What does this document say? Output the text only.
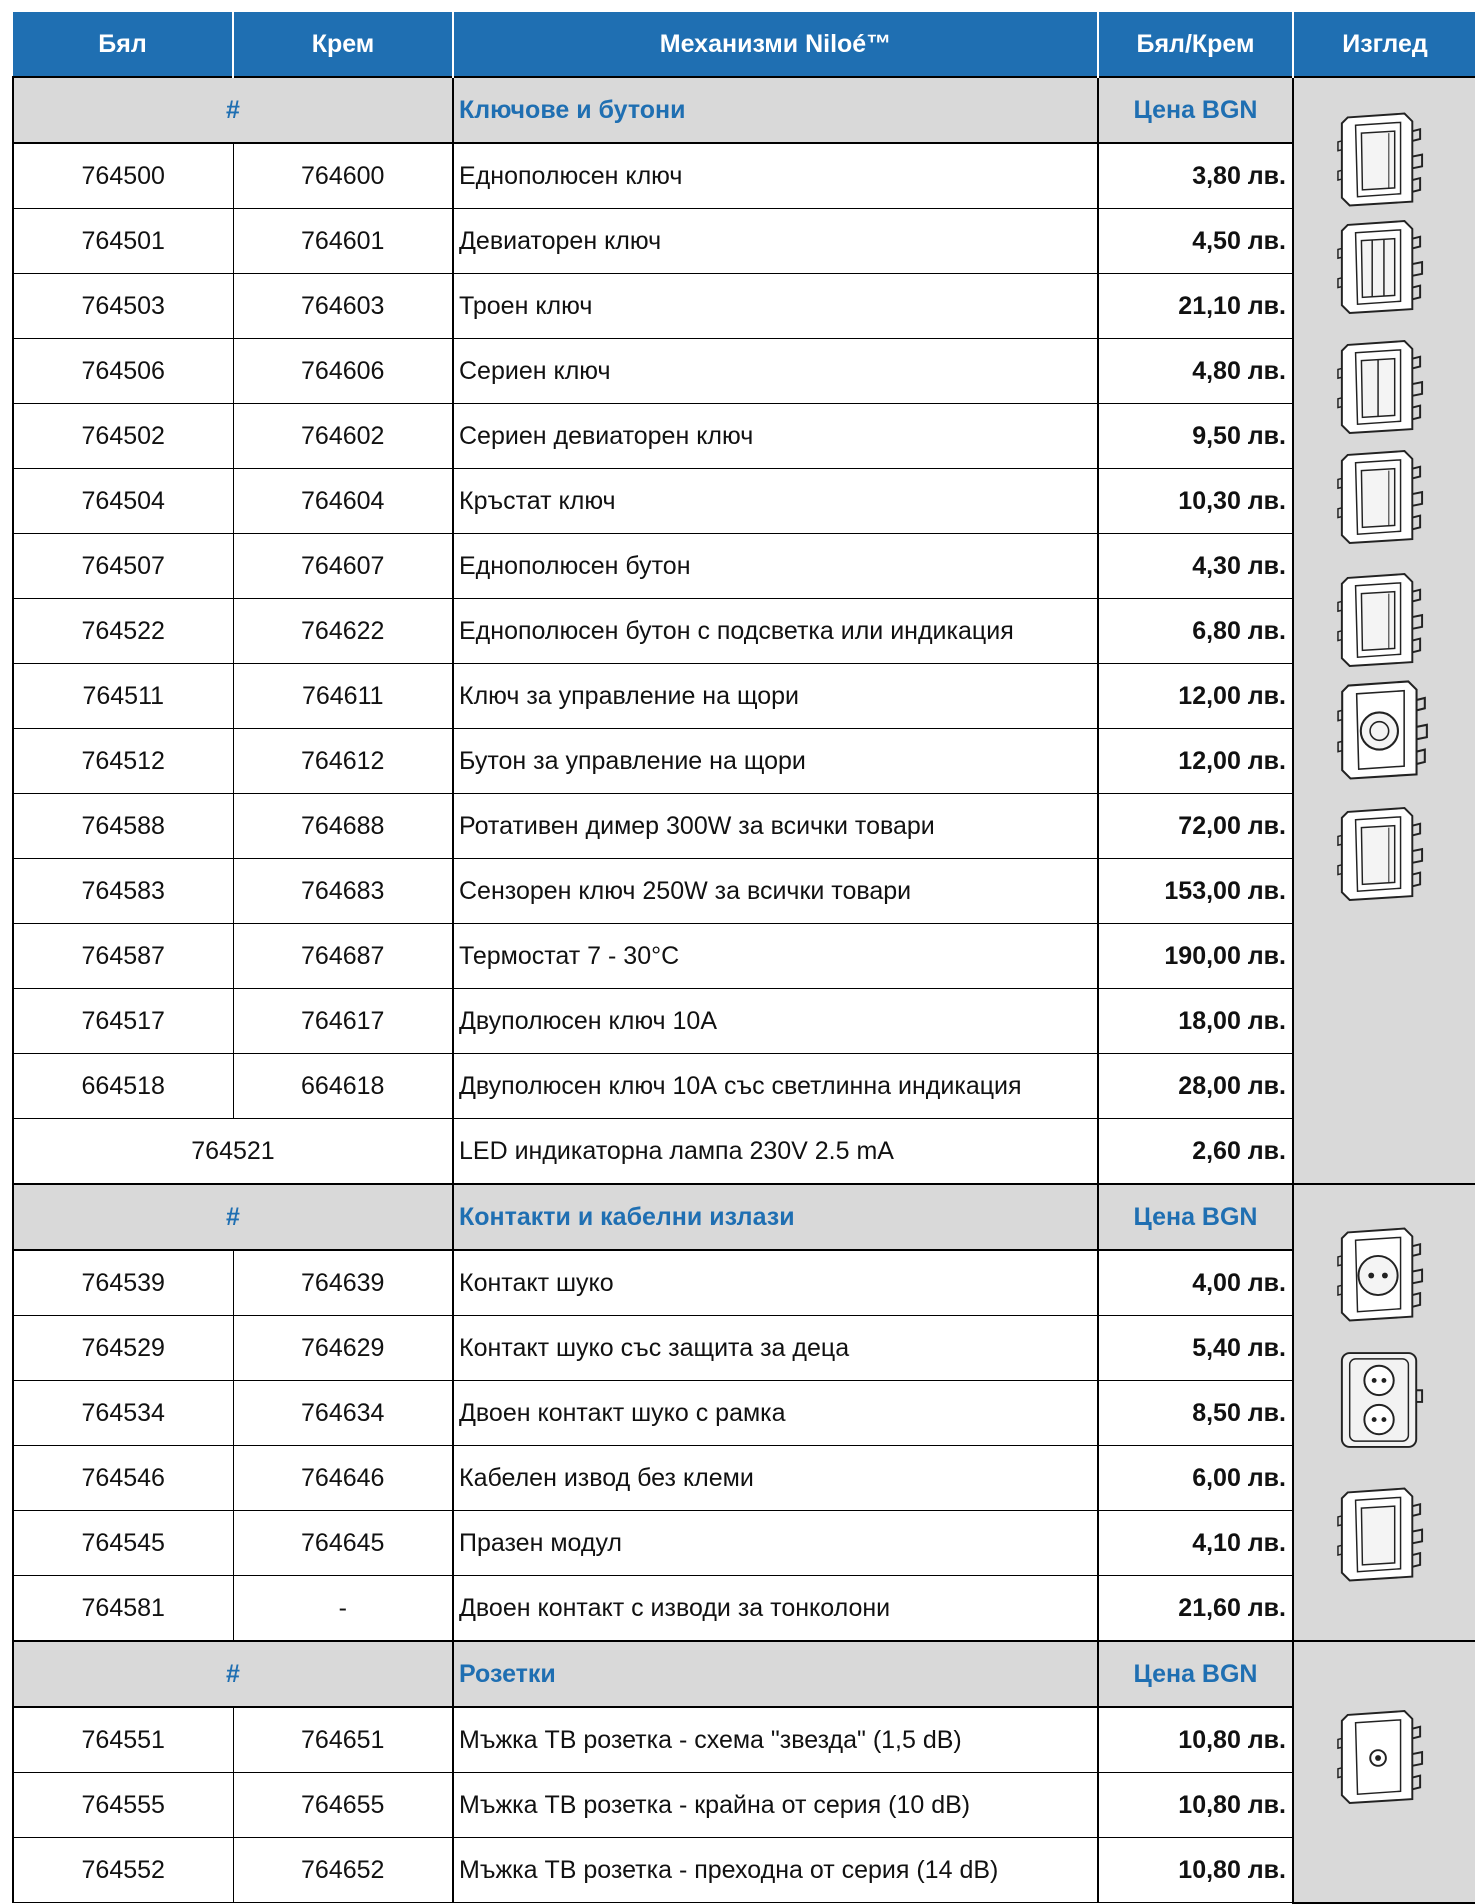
Бял	Крем	Механизми Niloé™	Бял/Крем	Изглед
#		Ключове и бутони	Цена BGN	

764500	764600	Еднополюсен ключ	3,80 лв.	
764501	764601	Девиаторен ключ	4,50 лв.	
764503	764603	Троен ключ	21,10 лв.	
764506	764606	Сериен ключ	4,80 лв.	
764502	764602	Сериен девиаторен ключ	9,50 лв.	
764504	764604	Кръстат ключ	10,30 лв.	
764507	764607	Еднополюсен бутон	4,30 лв.	
764522	764622	Еднополюсен бутон с подсветка или индикация	6,80 лв.	
764511	764611	Ключ за управление на щори	12,00 лв.	
764512	764612	Бутон за управление на щори	12,00 лв.	
764588	764688	Ротативен димер 300W за всички товари	72,00 лв.	
764583	764683	Сензорен ключ 250W за всички товари	153,00 лв.	
764587	764687	Термостат 7 - 30°C	190,00 лв.	
764517	764617	Двуполюсен ключ 10А	18,00 лв.	
664518	664618	Двуполюсен ключ 10А със светлинна индикация	28,00 лв.	
764521		LED индикаторна лампа 230V 2.5 mA	2,60 лв.	
#		Контакти и кабелни излази	Цена BGN	

764539	764639	Контакт шуко	4,00 лв.	
764529	764629	Контакт шуко със защита за деца	5,40 лв.	
764534	764634	Двоен контакт шуко с рамка	8,50 лв.	
764546	764646	Кабелен извод без клеми	6,00 лв.	
764545	764645	Празен модул	4,10 лв.	
764581	-	Двоен контакт с изводи за тонколони	21,60 лв.	
#		Розетки	Цена BGN	

764551	764651	Мъжка ТВ розетка - схема "звезда" (1,5 dB)	10,80 лв.	
764555	764655	Мъжка ТВ розетка - крайна от серия (10 dB)	10,80 лв.	
764552	764652	Мъжка ТВ розетка - преходна от серия (14 dB)	10,80 лв.	
